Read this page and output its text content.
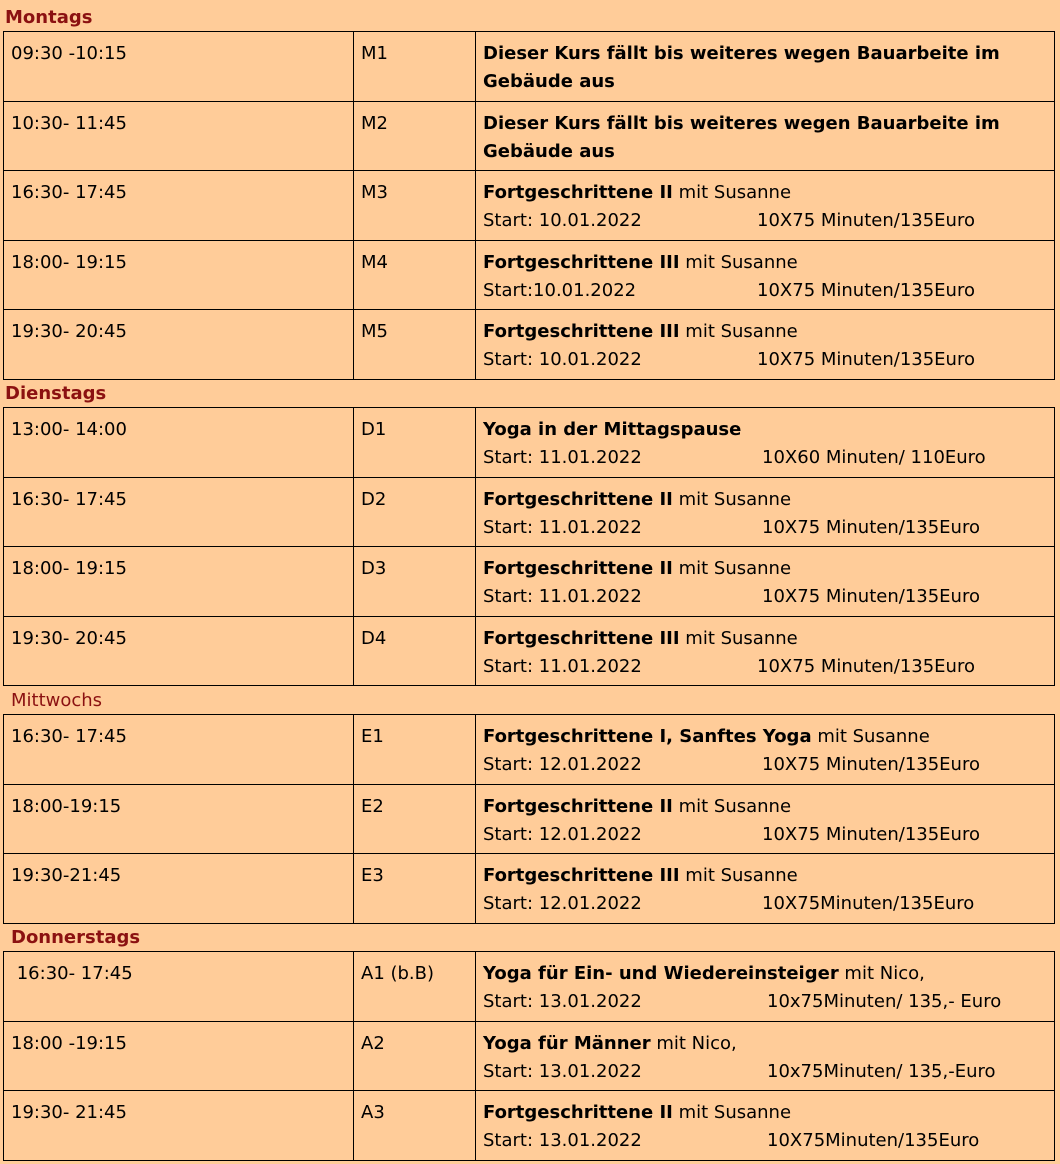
Montags
09:30 -10:15	M1	Dieser Kurs fällt bis weiteres wegen Bauarbeite im Gebäude aus

10:30- 11:45	M2	Dieser Kurs fällt bis weiteres wegen Bauarbeite im Gebäude aus

16:30- 17:45	M3	Fortgeschrittene II mit Susanne
Start: 10.01.2022 10X75 Minuten/135Euro

18:00- 19:15	M4	Fortgeschrittene III mit Susanne
Start:10.01.2022 10X75 Minuten/135Euro

19:30- 20:45	M5	Fortgeschrittene III mit Susanne
Start: 10.01.2022 10X75 Minuten/135Euro
Dienstags
13:00- 14:00	D1	Yoga in der Mittagspause
Start: 11.01.2022 10X60 Minuten/ 110Euro

16:30- 17:45	D2	Fortgeschrittene II mit Susanne
Start: 11.01.2022 10X75 Minuten/135Euro

18:00- 19:15	D3	Fortgeschrittene II mit Susanne
Start: 11.01.2022 10X75 Minuten/135Euro

19:30- 20:45	D4	Fortgeschrittene III mit Susanne
Start: 11.01.2022 10X75 Minuten/135Euro
Mittwochs
16:30- 17:45	E1	Fortgeschrittene I, Sanftes Yoga mit Susanne
Start: 12.01.2022 10X75 Minuten/135Euro

18:00-19:15	E2	Fortgeschrittene II mit Susanne
Start: 12.01.2022 10X75 Minuten/135Euro

19:30-21:45	E3	Fortgeschrittene III mit Susanne
Start: 12.01.2022 10X75Minuten/135Euro
Donnerstags
16:30- 17:45	A1 (b.B)	Yoga für Ein- und Wiedereinsteiger mit Nico,
Start: 13.01.2022 10x75Minuten/ 135,- Euro

18:00 -19:15	A2	Yoga für Männer mit Nico,
Start: 13.01.2022 10x75Minuten/ 135,-Euro

19:30- 21:45	A3	Fortgeschrittene II mit Susanne
Start: 13.01.2022 10X75Minuten/135Euro
